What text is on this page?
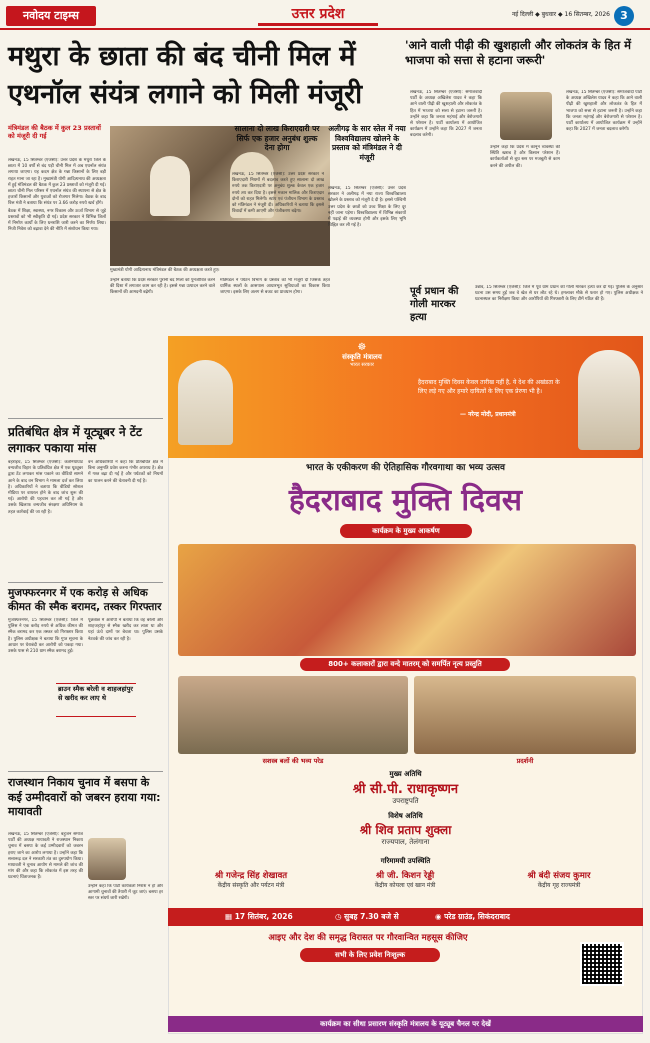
नवोदय टाइम्स	उत्तर प्रदेश	नई दिल्ली ◆ बुधवार ◆ 16 सितम्बर, 2026 3
मथुरा के छाता की बंद चीनी मिल में एथनॉल संयंत्र लगाने को मिली मंजूरी
मंत्रिमंडल की बैठक में कुल 23 प्रस्तावों को मंजूरी दी गई

लखनऊ, 15 सितम्बर (एजेंसी): उत्तर प्रदेश के मथुरा जिले के छाता में 10 वर्षों से बंद पड़ी चीनी मिल में अब एथनॉल संयंत्र लगाया जाएगा। यह कदम क्षेत्र के गन्ना किसानों के लिए बड़ी राहत माना जा रहा है। मुख्यमंत्री योगी आदित्यनाथ की अध्यक्षता में हुई मंत्रिमंडल की बैठक में कुल 23 प्रस्तावों को मंजूरी दी गई। छाता चीनी मिल परिसर में एथनॉल संयंत्र की स्थापना से क्षेत्र के हजारों किसानों और युवाओं को रोजगार मिलेगा। बैठक के बाद वित्त मंत्री ने बताया कि संयंत्र पर 3.66 करोड़ रुपये खर्च होंगे।

बैठक में शिक्षा, स्वास्थ्य, नगर विकास और ऊर्जा विभाग से जुड़े प्रस्तावों को भी स्वीकृति दी गई। प्रदेश सरकार ने विभिन्न जिलों में निर्माण कार्यों के लिए धनराशि जारी करने का निर्णय लिया। निजी निवेश को बढ़ावा देने की नीति में संशोधन किया गया।

मुख्यमंत्री योगी आदित्यनाथ मंत्रिमंडल की बैठक की अध्यक्षता करते हुए।
उन्होंने बताया कि प्रदेश सरकार पुरानी बंद मिलों को पुनर्जीवित करने की दिशा में लगातार काम कर रही है। इससे गन्ना उत्पादन करने वाले किसानों की आमदनी बढ़ेगी।
मंत्रिमंडल ने पर्यटन विभाग के प्रस्ताव को भी मंजूरी दी जिसके तहत धार्मिक स्थलों के आसपास आधारभूत सुविधाओं का विकास किया जाएगा। इसके लिए अलग से बजट का प्रावधान होगा।
सालाना दो लाख किराएदारी पर सिर्फ एक हजार अनुबंध शुल्क देना होगा
लखनऊ, 15 सितम्बर (एजेंसी): उत्तर प्रदेश सरकार ने किराएदारी नियमों में बदलाव करते हुए सालाना दो लाख रुपये तक किराएदारी पर अनुबंध शुल्क केवल एक हजार रुपये तय कर दिया है। इससे मकान मालिक और किराएदार दोनों को राहत मिलेगी। स्टांप एवं पंजीयन विभाग के प्रस्ताव को मंत्रिमंडल ने मंजूरी दी। अधिकारियों ने बताया कि इससे विवादों में कमी आएगी और पंजीकरण बढ़ेगा।
अलीगढ़ के सार स्तेल में नया विश्वविद्यालय खोलने के प्रस्ताव को मंत्रिमंडल ने दी मंजूरी
लखनऊ, 15 सितम्बर (एजेंसी): उत्तर प्रदेश सरकार ने अलीगढ़ में नया राज्य विश्वविद्यालय खोलने के प्रस्ताव को मंजूरी दे दी है। इससे पश्चिमी उत्तर प्रदेश के छात्रों को उच्च शिक्षा के लिए दूर नहीं जाना पड़ेगा। विश्वविद्यालय में विभिन्न संकायों में पढ़ाई की व्यवस्था होगी और इसके लिए भूमि चिह्नित कर ली गई है।
'आने वाली पीढ़ी की खुशहाली और लोकतंत्र के हित में भाजपा को सत्ता से हटाना जरूरी'
लखनऊ, 15 सितम्बर (एजेंसी): समाजवादी पार्टी के अध्यक्ष अखिलेश यादव ने कहा कि आने वाली पीढ़ी की खुशहाली और लोकतंत्र के हित में भाजपा को सत्ता से हटाना जरूरी है। उन्होंने कहा कि जनता महंगाई और बेरोजगारी से परेशान है। पार्टी कार्यालय में आयोजित कार्यक्रम में उन्होंने कहा कि 2027 में जनता बदलाव करेगी।
उन्होंने कहा कि प्रदेश में कानून व्यवस्था की स्थिति खराब है और किसान परेशान हैं। कार्यकर्ताओं से बूथ स्तर पर मजबूती से काम करने की अपील की।
लखनऊ, 15 सितम्बर (एजेंसी): समाजवादी पार्टी के अध्यक्ष अखिलेश यादव ने कहा कि आने वाली पीढ़ी की खुशहाली और लोकतंत्र के हित में भाजपा को सत्ता से हटाना जरूरी है। उन्होंने कहा कि जनता महंगाई और बेरोजगारी से परेशान है। पार्टी कार्यालय में आयोजित कार्यक्रम में उन्होंने कहा कि 2027 में जनता बदलाव करेगी।
पूर्व प्रधान की गोली मारकर हत्या
उन्नाव, 15 सितम्बर (एजेंसी): जिले में पूर्व ग्राम प्रधान की गोली मारकर हत्या कर दी गई। पुलिस के अनुसार घटना उस समय हुई जब वे खेत से घर लौट रहे थे। हमलावर मौके से फरार हो गए। पुलिस अधीक्षक ने घटनास्थल का निरीक्षण किया और आरोपियों की गिरफ्तारी के लिए टीमें गठित की हैं।
प्रतिबंधित क्षेत्र में यूट्यूबर ने टेंट लगाकर पकाया मांस
बहराइच, 15 सितम्बर (एजेंसी): कतर्नियाघाट वन्यजीव विहार के प्रतिबंधित क्षेत्र में एक यूट्यूबर द्वारा टेंट लगाकर मांस पकाने का वीडियो सामने आने के बाद वन विभाग ने मामला दर्ज कर लिया है। अधिकारियों ने बताया कि वीडियो सोशल मीडिया पर वायरल होने के बाद जांच शुरू की गई। आरोपी की पहचान कर ली गई है और उसके खिलाफ वन्यजीव संरक्षण अधिनियम के तहत कार्रवाई की जा रही है।
वन अधिकारियों ने कहा कि प्रतिबंधित क्षेत्र में बिना अनुमति प्रवेश करना गंभीर अपराध है। क्षेत्र में गश्त बढ़ा दी गई है और पर्यटकों को नियमों का पालन करने की चेतावनी दी गई है।
मुजफ्फरनगर में एक करोड़ से अधिक कीमत की स्मैक बरामद, तस्कर गिरफ्तार
मुजफ्फरनगर, 15 सितम्बर (एजेंसी): जिले में पुलिस ने एक करोड़ रुपये से अधिक कीमत की स्मैक बरामद कर एक तस्कर को गिरफ्तार किया है। पुलिस अधीक्षक ने बताया कि गुप्त सूचना के आधार पर घेराबंदी कर आरोपी को पकड़ा गया। उसके पास से 210 ग्राम स्मैक बरामद हुई।
ब्राउन स्मैक बरेली व शाहजहांपुर से खरीद कर लाए थे
पूछताछ में आरोपी ने बताया कि वह बरेली और शाहजहांपुर से स्मैक खरीद कर लाता था और यहां ऊंचे दामों पर बेचता था। पुलिस उसके नेटवर्क की जांच कर रही है।
राजस्थान निकाय चुनाव में बसपा के कई उम्मीदवारों को जबरन हराया गया: मायावती
लखनऊ, 15 सितम्बर (एजेंसी): बहुजन समाज पार्टी की अध्यक्ष मायावती ने राजस्थान निकाय चुनाव में बसपा के कई उम्मीदवारों को जबरन हराए जाने का आरोप लगाया है। उन्होंने कहा कि सत्तारूढ़ दल ने सरकारी तंत्र का दुरुपयोग किया। मायावती ने चुनाव आयोग से मामले की जांच की मांग की और कहा कि लोकतंत्र में इस तरह की घटनाएं चिंताजनक हैं।
उन्होंने कहा कि पार्टी कार्यकर्ता निराश न हों और आगामी चुनावों की तैयारी में जुट जाएं। बसपा हर स्तर पर संघर्ष जारी रखेगी।
☸
संस्कृति मंत्रालय
भारत सरकार
हैदराबाद मुक्ति दिवस केवल तारीख नहीं है, ये देश की अखंडता के लिए लड़े गए और हमारे दायित्वों के लिए एक प्रेरणा भी है।
— नरेन्द्र मोदी, प्रधानमंत्री
भारत के एकीकरण की ऐतिहासिक गौरवगाथा का भव्य उत्सव
हैदराबाद मुक्ति दिवस
कार्यक्रम के मुख्य आकर्षण
800+ कलाकारों द्वारा वन्दे मातरम् को समर्पित नृत्य प्रस्तुति
सशस्त्र बलों की भव्य परेड	प्रदर्शनी
मुख्य अतिथि
श्री सी.पी. राधाकृष्णन
उपराष्ट्रपति
विशेष अतिथि
श्री शिव प्रताप शुक्ला
राज्यपाल, तेलंगाना
गरिमामयी उपस्थिति
श्री गजेन्द्र सिंह शेखावत
केंद्रीय संस्कृति और पर्यटन मंत्री
श्री जी. किशन रेड्डी
केंद्रीय कोयला एवं खान मंत्री
श्री बंदी संजय कुमार
केंद्रीय गृह राज्यमंत्री
▦ 17 सितंबर, 2026	◷ सुबह 7.30 बजे से	◉ परेड ग्राउंड, सिकंदराबाद
आइए और देश की समृद्ध विरासत पर गौरवान्वित महसूस कीजिए
सभी के लिए प्रवेश निःशुल्क
कार्यक्रम का सीधा प्रसारण संस्कृति मंत्रालय के यूट्यूब चैनल पर देखें
